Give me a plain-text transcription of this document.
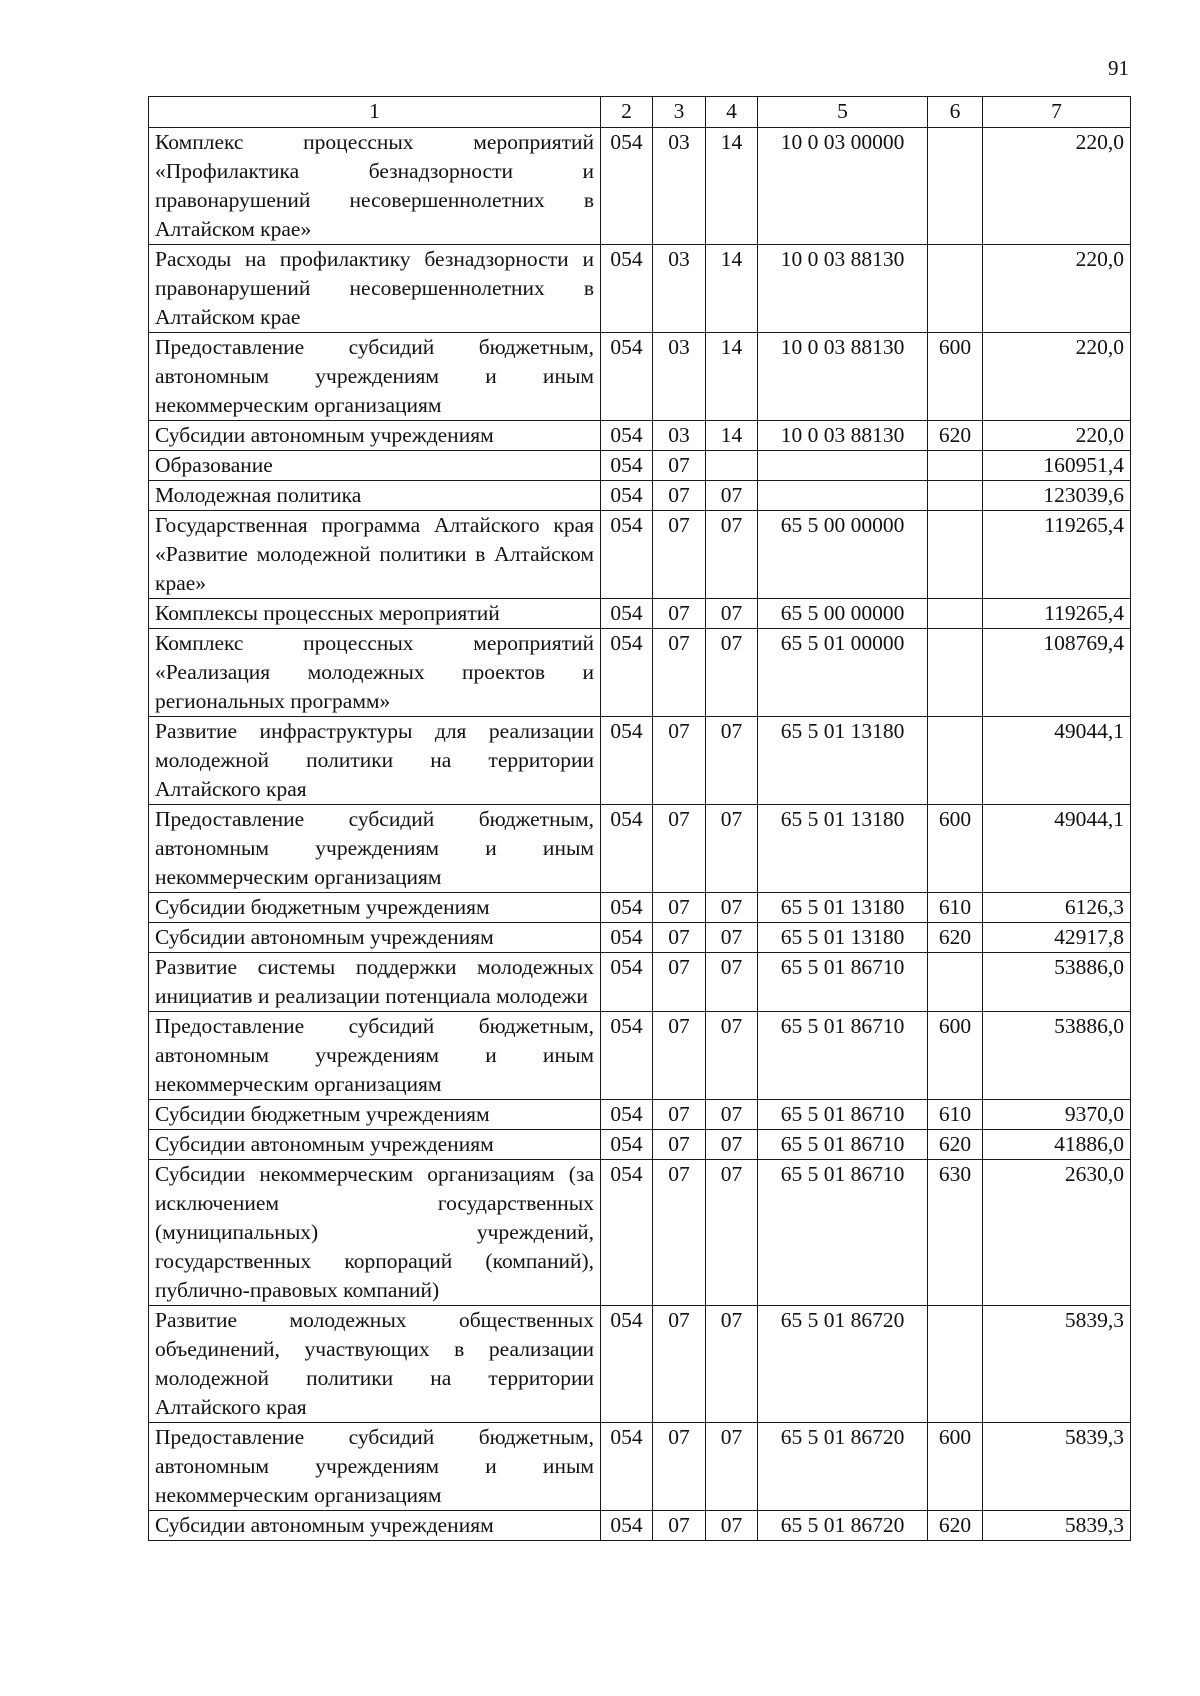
91
1	2	3	4	5	6	7
Комплекс процессных мероприятий «Профилактика безнадзорности и правонарушений несовершеннолетних в Алтайском крае»	054	03	14	10 0 03 00000		220,0
Расходы на профилактику безнадзорности и правонарушений несовершеннолетних в Алтайском крае	054	03	14	10 0 03 88130		220,0
Предоставление субсидий бюджетным, автономным учреждениям и иным некоммерческим организациям	054	03	14	10 0 03 88130	600	220,0
Субсидии автономным учреждениям	054	03	14	10 0 03 88130	620	220,0
Образование	054	07				160951,4
Молодежная политика	054	07	07			123039,6
Государственная программа Алтайского края «Развитие молодежной политики в Алтайском крае»	054	07	07	65 5 00 00000		119265,4
Комплексы процессных мероприятий	054	07	07	65 5 00 00000		119265,4
Комплекс процессных мероприятий «Реализация молодежных проектов и региональных программ»	054	07	07	65 5 01 00000		108769,4
Развитие инфраструктуры для реализации молодежной политики на территории Алтайского края	054	07	07	65 5 01 13180		49044,1
Предоставление субсидий бюджетным, автономным учреждениям и иным некоммерческим организациям	054	07	07	65 5 01 13180	600	49044,1
Субсидии бюджетным учреждениям	054	07	07	65 5 01 13180	610	6126,3
Субсидии автономным учреждениям	054	07	07	65 5 01 13180	620	42917,8
Развитие системы поддержки молодежных инициатив и реализации потенциала молодежи	054	07	07	65 5 01 86710		53886,0
Предоставление субсидий бюджетным, автономным учреждениям и иным некоммерческим организациям	054	07	07	65 5 01 86710	600	53886,0
Субсидии бюджетным учреждениям	054	07	07	65 5 01 86710	610	9370,0
Субсидии автономным учреждениям	054	07	07	65 5 01 86710	620	41886,0
Субсидии некоммерческим организациям (за исключением государственных (муниципальных) учреждений, государственных корпораций (компаний), публично-правовых компаний)	054	07	07	65 5 01 86710	630	2630,0
Развитие молодежных общественных объединений, участвующих в реализации молодежной политики на территории Алтайского края	054	07	07	65 5 01 86720		5839,3
Предоставление субсидий бюджетным, автономным учреждениям и иным некоммерческим организациям	054	07	07	65 5 01 86720	600	5839,3
Субсидии автономным учреждениям	054	07	07	65 5 01 86720	620	5839,3
